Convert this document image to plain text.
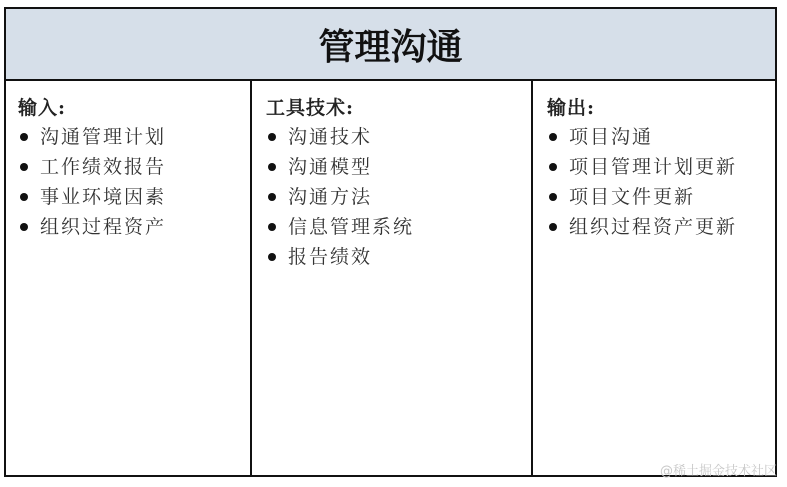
管理沟通
输入:
沟通管理计划
工作绩效报告
事业环境因素
组织过程资产
工具技术:
沟通技术
沟通模型
沟通方法
信息管理系统
报告绩效
输出:
项目沟通
项目管理计划更新
项目文件更新
组织过程资产更新
@稀土掘金技术社区
